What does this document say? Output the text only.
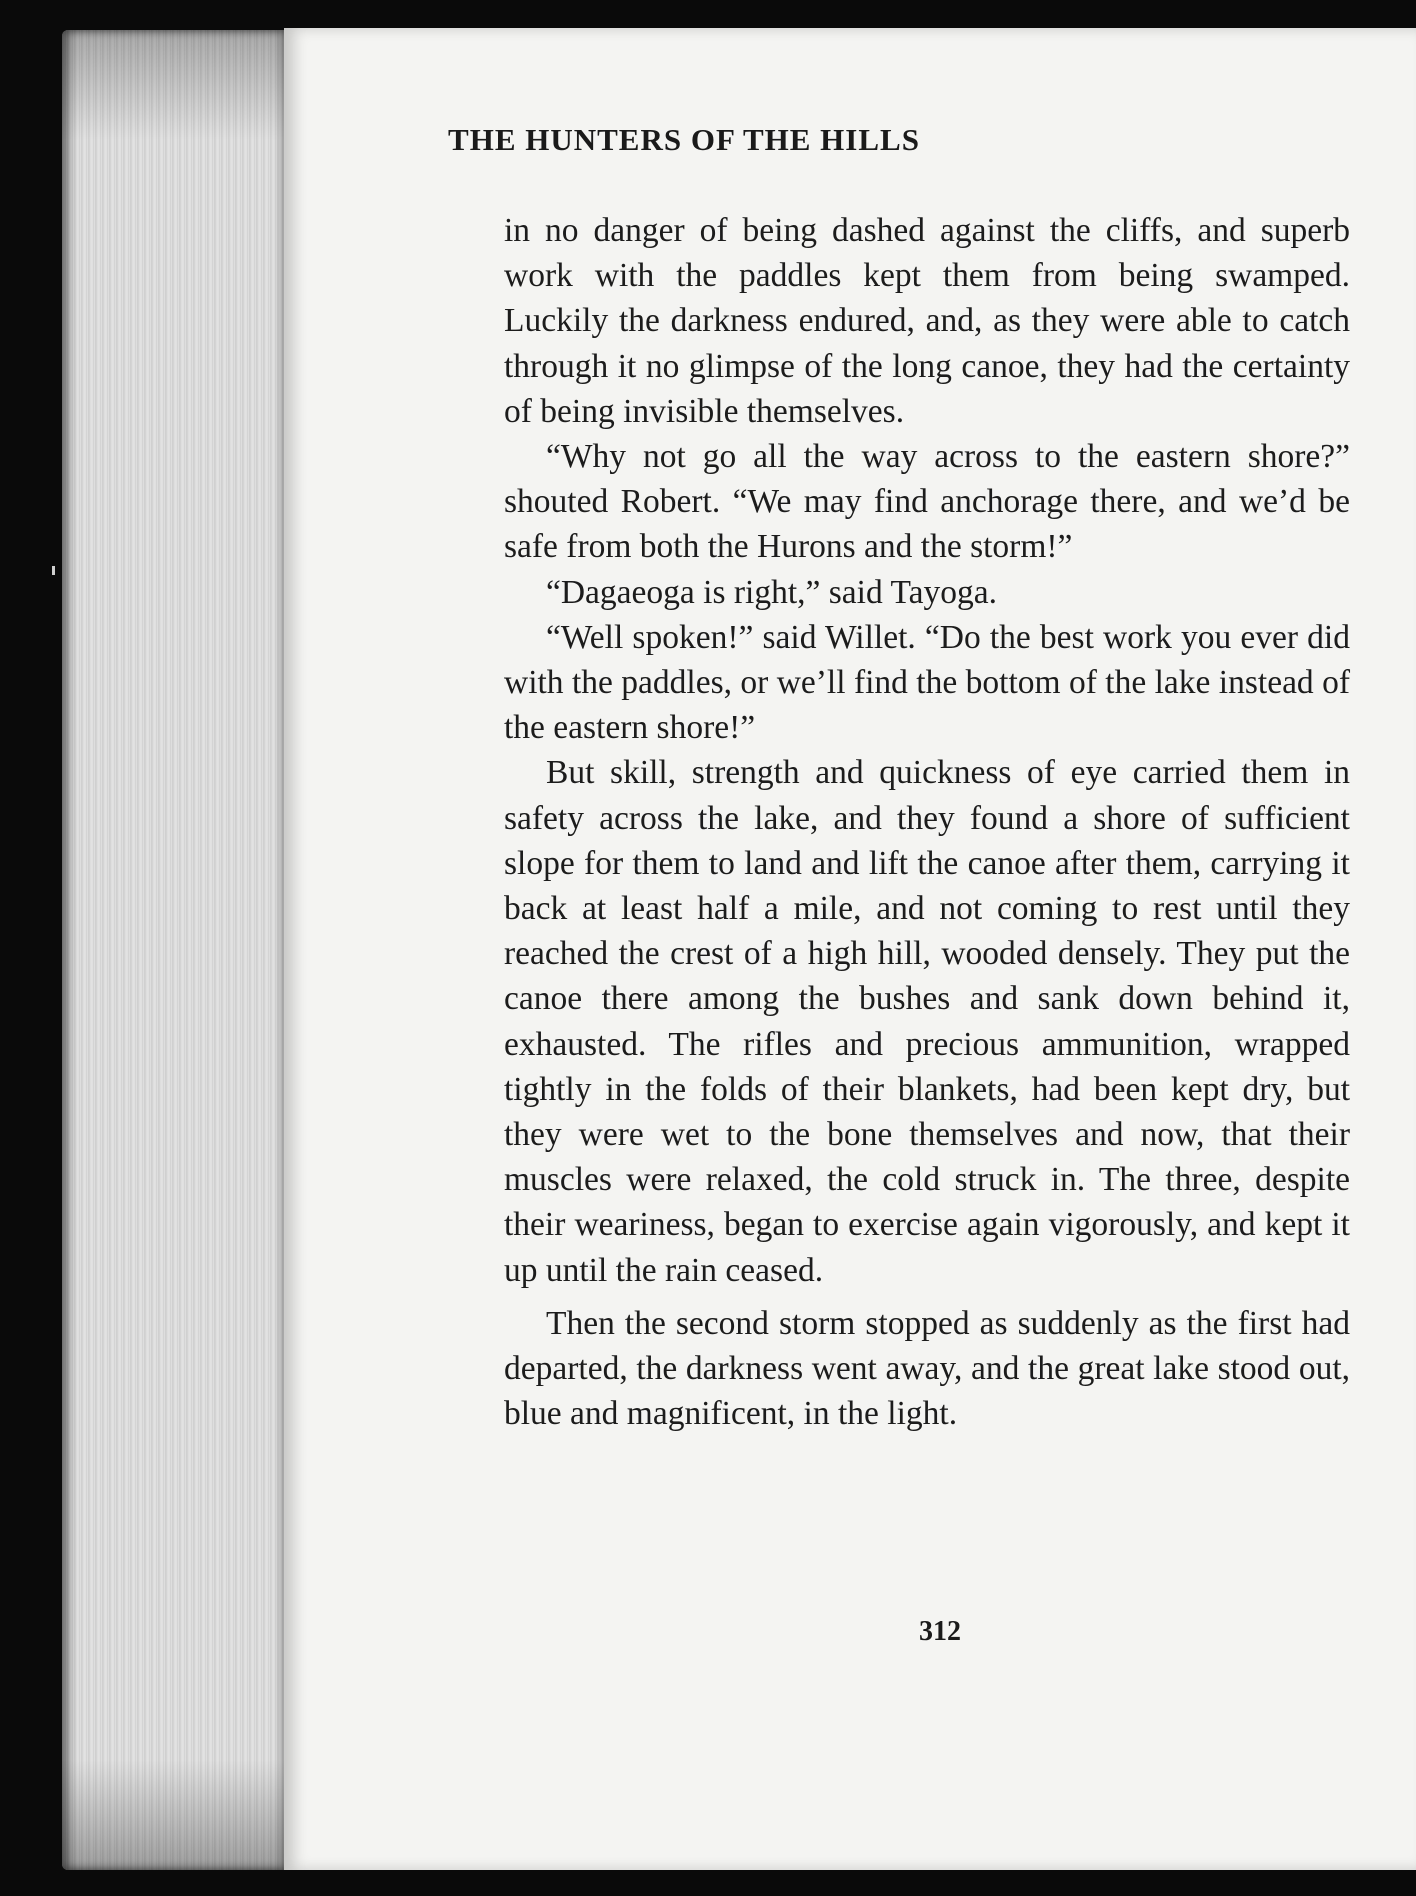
THE HUNTERS OF THE HILLS

in no danger of being dashed against the cliffs, and superb work with the paddles kept them from being swamped. Luckily the darkness endured, and, as they were able to catch through it no glimpse of the long canoe, they had the certainty of being invisible themselves.

“Why not go all the way across to the eastern shore?” shouted Robert. “We may find anchorage there, and we’d be safe from both the Hurons and the storm!”

“Dagaeoga is right,” said Tayoga.

“Well spoken!” said Willet. “Do the best work you ever did with the paddles, or we’ll find the bottom of the lake instead of the eastern shore!”

But skill, strength and quickness of eye carried them in safety across the lake, and they found a shore of sufficient slope for them to land and lift the canoe after them, carrying it back at least half a mile, and not coming to rest until they reached the crest of a high hill, wooded densely. They put the canoe there among the bushes and sank down behind it, exhausted. The rifles and precious ammunition, wrapped tightly in the folds of their blankets, had been kept dry, but they were wet to the bone themselves and now, that their muscles were relaxed, the cold struck in. The three, despite their weariness, began to exercise again vigorously, and kept it up until the rain ceased.

Then the second storm stopped as suddenly as the first had departed, the darkness went away, and the great lake stood out, blue and magnificent, in the light.

312
